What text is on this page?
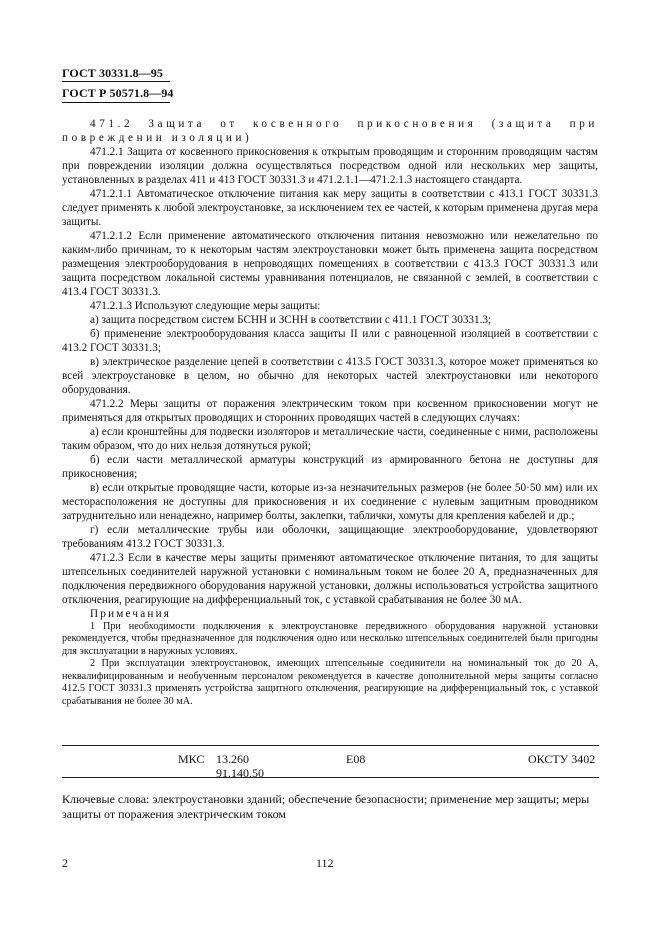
ГОСТ 30331.8—95
ГОСТ Р 50571.8—94

471.2 Защита от косвенного прикосновения (защита при повреждении изоляции)

471.2.1 Защита от косвенного прикосновения к открытым проводящим и сторонним проводящим частям при повреждении изоляции должна осуществляться посредством одной или нескольких мер защиты, установленных в разделах 411 и 413 ГОСТ 30331.3 и 471.2.1.1—471.2.1.3 настоящего стандарта.

471.2.1.1 Автоматическое отключение питания как меру защиты в соответствии с 413.1 ГОСТ 30331.3 следует применять к любой электроустановке, за исключением тех ее частей, к которым применена другая мера защиты.

471.2.1.2 Если применение автоматического отключения питания невозможно или нежелательно по каким-либо причинам, то к некоторым частям электроустановки может быть применена защита посредством размещения электрооборудования в непроводящих помещениях в соответствии с 413.3 ГОСТ 30331.3 или защита посредством локальной системы уравнивания потенциалов, не связанной с землей, в соответствии с 413.4 ГОСТ 30331.3.

471.2.1.3 Используют следующие меры защиты:

а) защита посредством систем БСНН и ЗСНН в соответствии с 411.1 ГОСТ 30331.3;

б) применение электрооборудования класса защиты II или с равноценной изоляцией в соответствии с 413.2 ГОСТ 30331.3;

в) электрическое разделение цепей в соответствии с 413.5 ГОСТ 30331.3, которое может применяться ко всей электроустановке в целом, но обычно для некоторых частей электроустановки или некоторого оборудования.

471.2.2 Меры защиты от поражения электрическим током при косвенном прикосновении могут не применяться для открытых проводящих и сторонних проводящих частей в следующих случаях:

а) если кронштейны для подвески изоляторов и металлические части, соединенные с ними, расположены таким образом, что до них нельзя дотянуться рукой;

б) если части металлической арматуры конструкций из армированного бетона не доступны для прикосновения;

в) если открытые проводящие части, которые из-за незначительных размеров (не более 50·50 мм) или их месторасположения не доступны для прикосновения и их соединение с нулевым защитным проводником затруднительно или ненадежно, например болты, заклепки, таблички, хомуты для крепления кабелей и др.;

г) если металлические трубы или оболочки, защищающие электрооборудование, удовлетворяют требованиям 413.2 ГОСТ 30331.3.

471.2.3 Если в качестве меры защиты применяют автоматическое отключение питания, то для защиты штепсельных соединителей наружной установки с номинальным током не более 20 А, предназначенных для подключения передвижного оборудования наружной установки, должны использоваться устройства защитного отключения, реагирующие на дифференциальный ток, с уставкой срабатывания не более 30 мА.

Примечания

1 При необходимости подключения к электроустановке передвижного оборудования наружной установки рекомендуется, чтобы предназначенное для подключения одно или несколько штепсельных соединителей были пригодны для эксплуатации в наружных условиях.

2 При эксплуатации электроустановок, имеющих штепсельные соединители на номинальный ток до 20 А, неквалифицированным и необученным персоналом рекомендуется в качестве дополнительной меры защиты согласно 412.5 ГОСТ 30331.3 применять устройства защитного отключения, реагирующие на дифференциальный ток, с уставкой срабатывания не более 30 мА.

МКС 13.260
91.140.50
Е08	ОКСТУ 3402
Ключевые слова: электроустановки зданий; обеспечение безопасности; применение мер защиты; меры защиты от поражения электрическим током
2	112
